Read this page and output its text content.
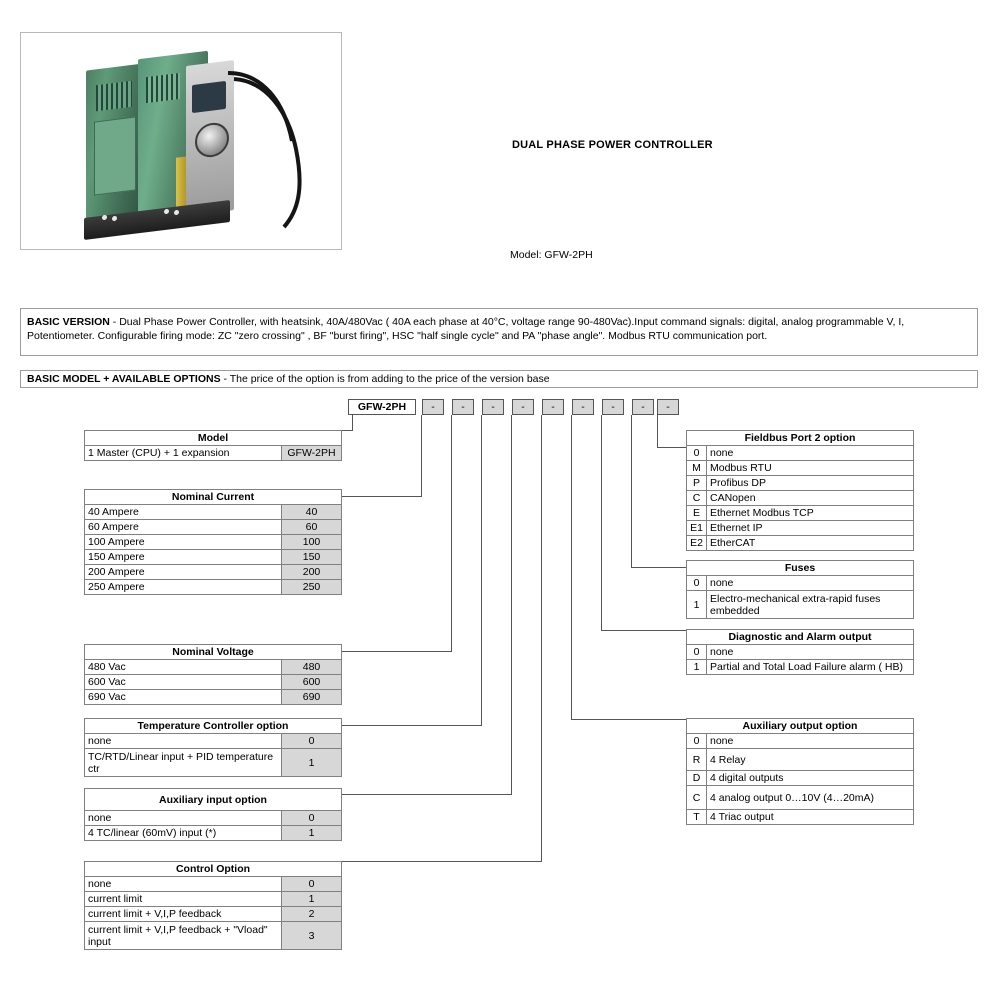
DUAL PHASE POWER CONTROLLER
Model: GFW-2PH
BASIC VERSION - Dual Phase Power Controller, with heatsink, 40A/480Vac ( 40A each phase at 40°C, voltage range 90-480Vac).Input command signals: digital, analog programmable V, I, Potentiometer. Configurable firing mode: ZC "zero crossing" , BF "burst firing", HSC "half single cycle" and PA "phase angle". Modbus RTU communication port.
BASIC MODEL + AVAILABLE OPTIONS - The price of the option is from adding to the price of the version base
GFW-2PH	-	-	-	-	-	-	-	-	-
Model
1 Master (CPU) + 1 expansion	GFW-2PH
Nominal Current	
40 Ampere	40
60 Ampere	60
100 Ampere	100
150 Ampere	150
200 Ampere	200
250 Ampere	250
Nominal Voltage	
480 Vac	480
600 Vac	600
690 Vac	690
Temperature Controller option	
none	0
TC/RTD/Linear input + PID temperature ctr	1
Auxiliary input option	
none	0
4 TC/linear (60mV) input (*)	1
Control Option	
none	0
current limit	1
current limit + V,I,P feedback	2
current limit + V,I,P feedback + "Vload" input	3
Fieldbus Port 2 option	
0	none
M	Modbus RTU
P	Profibus DP
C	CANopen
E	Ethernet Modbus TCP
E1	Ethernet IP
E2	EtherCAT
Fuses	
0	none
1	Electro-mechanical extra-rapid fuses embedded
Diagnostic and Alarm output	
0	none
1	Partial and Total Load Failure alarm ( HB)
Auxiliary output option	
0	none
R	4 Relay
D	4 digital outputs
C	4 analog output 0…10V (4…20mA)
T	4 Triac output
